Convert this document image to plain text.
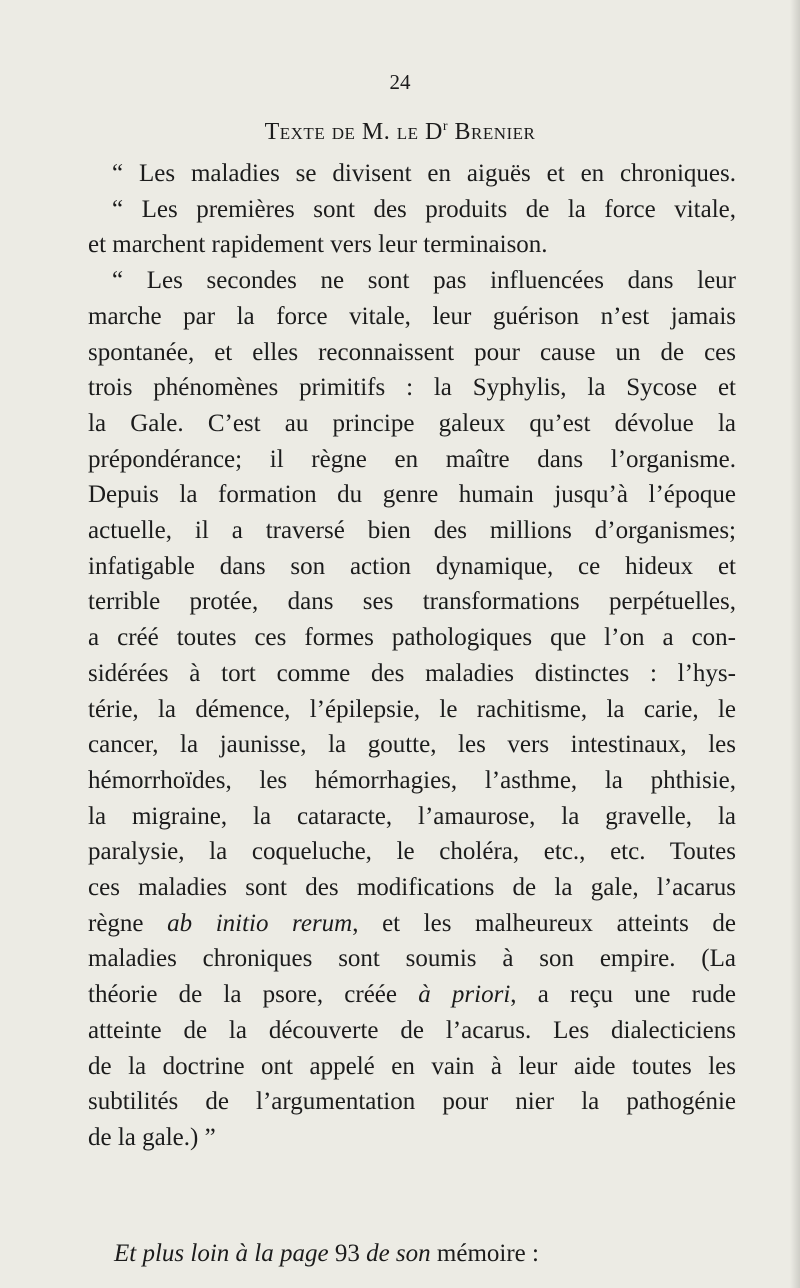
24
Texte de M. le $D^r$ Brenier
“ Les maladies se divisent en aiguës et en chroniques.
“ Les premières sont des produits de la force vitale,
et marchent rapidement vers leur terminaison.
“ Les secondes ne sont pas influencées dans leur
marche par la force vitale, leur guérison n’est jamais
spontanée, et elles reconnaissent pour cause un de ces
trois phénomènes primitifs : la Syphylis, la Sycose et
la Gale. C’est au principe galeux qu’est dévolue la
prépondérance; il règne en maître dans l’organisme.
Depuis la formation du genre humain jusqu’à l’époque
actuelle, il a traversé bien des millions d’organismes;
infatigable dans son action dynamique, ce hideux et
terrible protée, dans ses transformations perpétuelles,
a créé toutes ces formes pathologiques que l’on a con-
sidérées à tort comme des maladies distinctes : l’hys-
térie, la démence, l’épilepsie, le rachitisme, la carie, le
cancer, la jaunisse, la goutte, les vers intestinaux, les
hémorrhoïdes, les hémorrhagies, l’asthme, la phthisie,
la migraine, la cataracte, l’amaurose, la gravelle, la
paralysie, la coqueluche, le choléra, etc., etc. Toutes
ces maladies sont des modifications de la gale, l’acarus
règne ab initio rerum, et les malheureux atteints de
maladies chroniques sont soumis à son empire. (La
théorie de la psore, créée à priori, a reçu une rude
atteinte de la découverte de l’acarus. Les dialecticiens
de la doctrine ont appelé en vain à leur aide toutes les
subtilités de l’argumentation pour nier la pathogénie
de la gale.) ”
Et plus loin à la page 93 de son mémoire :
